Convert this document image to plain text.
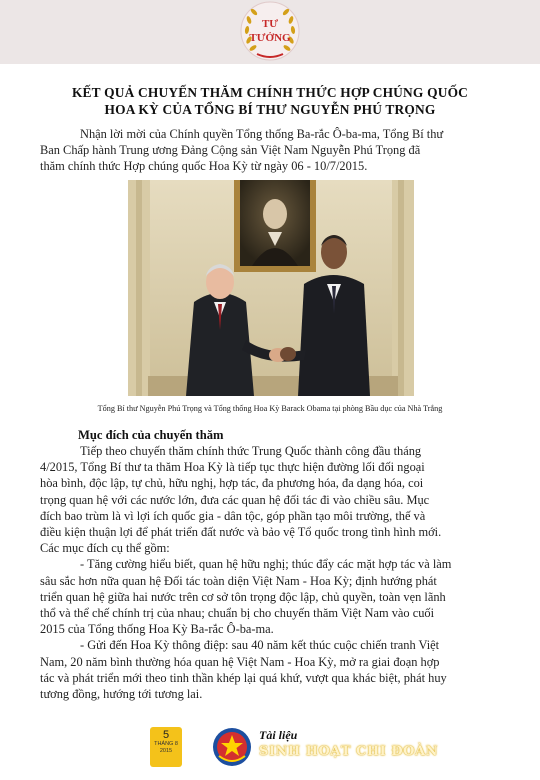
TƯ
TƯỞNG
KẾT QUẢ CHUYẾN THĂM CHÍNH THỨC HỢP CHÚNG QUỐC
HOA KỲ CỦA TỔNG BÍ THƯ NGUYỄN PHÚ TRỌNG
Nhận lời mời của Chính quyền Tổng thống Ba-rắc Ô-ba-ma, Tổng Bí thư
Ban Chấp hành Trung ương Đảng Cộng sản Việt Nam Nguyễn Phú Trọng đã
thăm chính thức Hợp chúng quốc Hoa Kỳ từ ngày 06 - 10/7/2015.
Tổng Bí thư Nguyễn Phú Trọng và Tổng thống Hoa Kỳ Barack Obama tại phòng Bầu dục của Nhà Trắng
Mục đích của chuyến thăm
Tiếp theo chuyến thăm chính thức Trung Quốc thành công đầu tháng
4/2015, Tổng Bí thư ta thăm Hoa Kỳ là tiếp tục thực hiện đường lối đối ngoại
hòa bình, độc lập, tự chủ, hữu nghị, hợp tác, đa phương hóa, đa dạng hóa, coi
trọng quan hệ với các nước lớn, đưa các quan hệ đối tác đi vào chiều sâu. Mục
đích bao trùm là vì lợi ích quốc gia - dân tộc, góp phần tạo môi trường, thế và
điều kiện thuận lợi để phát triển đất nước và bảo vệ Tổ quốc trong tình hình mới.
Các mục đích cụ thể gồm:
- Tăng cường hiểu biết, quan hệ hữu nghị; thúc đẩy các mặt hợp tác và làm
sâu sắc hơn nữa quan hệ Đối tác toàn diện Việt Nam - Hoa Kỳ; định hướng phát
triển quan hệ giữa hai nước trên cơ sở tôn trọng độc lập, chủ quyền, toàn vẹn lãnh
thổ và thể chế chính trị của nhau; chuẩn bị cho chuyến thăm Việt Nam vào cuối
2015 của Tổng thống Hoa Kỳ Ba-rắc Ô-ba-ma.
- Gửi đến Hoa Kỳ thông điệp: sau 40 năm kết thúc cuộc chiến tranh Việt
Nam, 20 năm bình thường hóa quan hệ Việt Nam - Hoa Kỳ, mở ra giai đoạn hợp
tác và phát triển mới theo tinh thần khép lại quá khứ, vượt qua khác biệt, phát huy
tương đồng, hướng tới tương lai.
5
THÁNG 8
2015
Tài liệu
SINH HOẠT CHI ĐOÀN
